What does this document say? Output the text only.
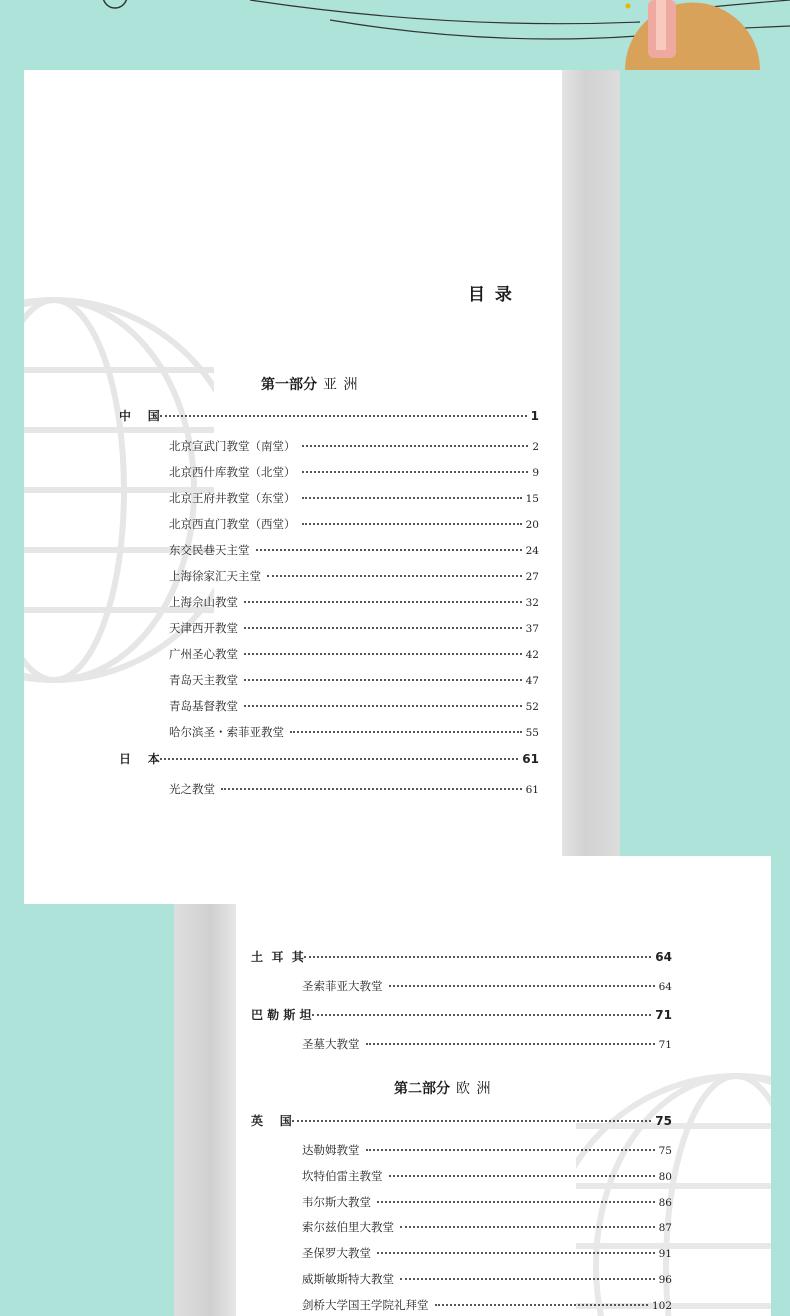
目 录
第一部分 亚 洲
中    国	1
北京宣武门教堂（南堂）	2
北京西什库教堂（北堂）	9
北京王府井教堂（东堂）	15
北京西直门教堂（西堂）	20
东交民巷天主堂	24
上海徐家汇天主堂	27
上海佘山教堂	32
天津西开教堂	37
广州圣心教堂	42
青岛天主教堂	47
青岛基督教堂	52
哈尔滨圣・索菲亚教堂	55
日    本	61
光之教堂	61
土  耳  其	64
圣索菲亚大教堂	64
巴 勒 斯 坦	71
圣墓大教堂	71
第二部分 欧 洲
英    国	75
达勒姆教堂	75
坎特伯雷主教堂	80
韦尔斯大教堂	86
索尔兹伯里大教堂	87
圣保罗大教堂	91
威斯敏斯特大教堂	96
剑桥大学国王学院礼拜堂	102
